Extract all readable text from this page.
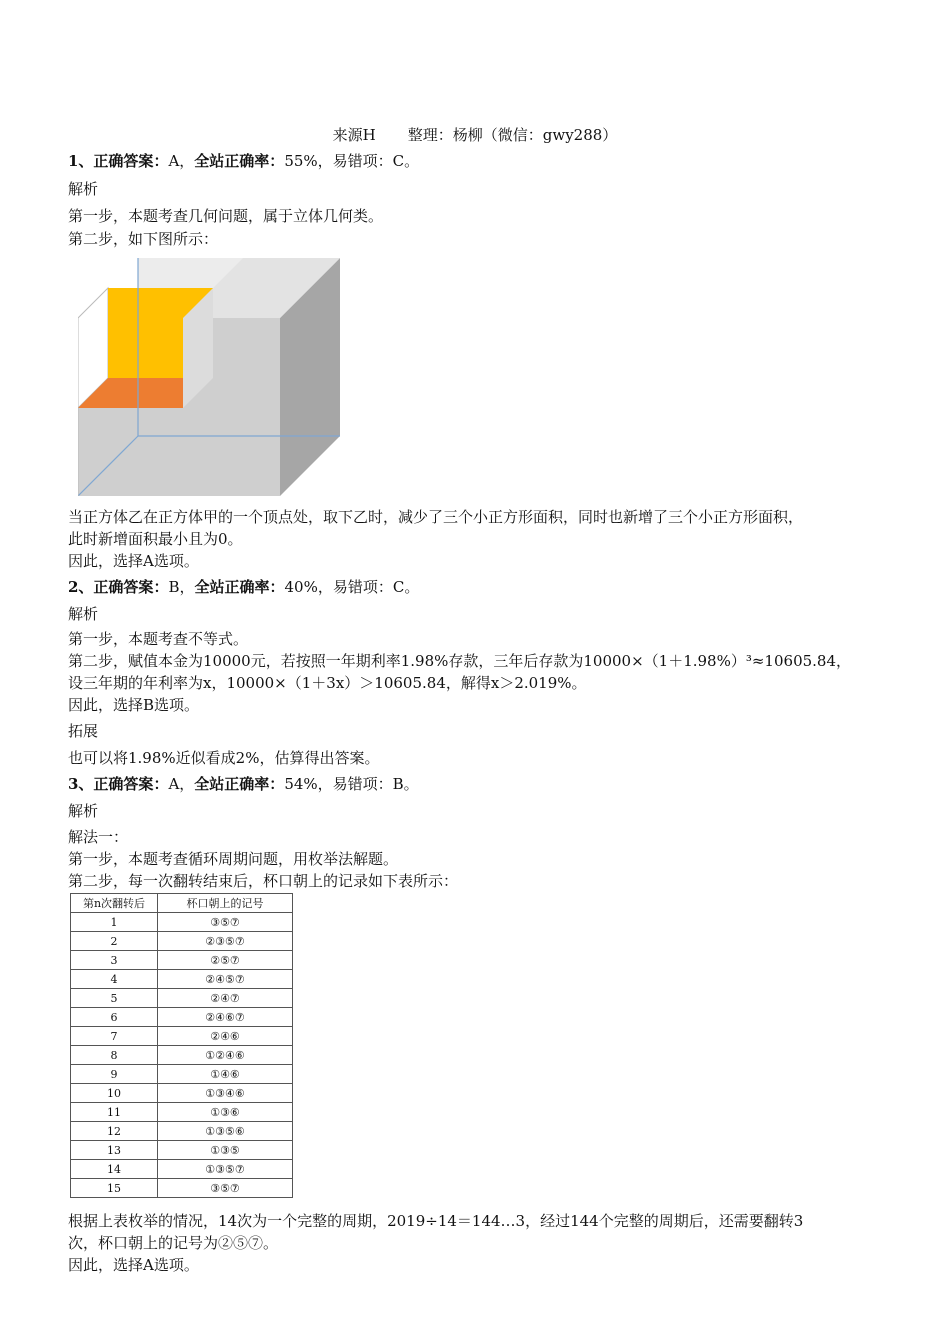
来源H 整理：杨柳（微信：gwy288）
1、正确答案：A，全站正确率：55%，易错项：C。
解析
第一步，本题考查几何问题，属于立体几何类。
第二步，如下图所示：
当正方体乙在正方体甲的一个顶点处，取下乙时，减少了三个小正方形面积，同时也新增了三个小正方形面积，
此时新增面积最小且为0。
因此，选择A选项。
2、正确答案：B，全站正确率：40%，易错项：C。
解析
第一步，本题考查不等式。
第二步，赋值本金为10000元，若按照一年期利率1.98%存款，三年后存款为10000×（1＋1.98%）³≈10605.84，
设三年期的年利率为x，10000×（1＋3x）＞10605.84，解得x＞2.019%。
因此，选择B选项。
拓展
也可以将1.98%近似看成2%，估算得出答案。
3、正确答案：A，全站正确率：54%，易错项：B。
解析
解法一：
第一步，本题考查循环周期问题，用枚举法解题。
第二步，每一次翻转结束后，杯口朝上的记录如下表所示：
第n次翻转后	杯口朝上的记号
1	③⑤⑦
2	②③⑤⑦
3	②⑤⑦
4	②④⑤⑦
5	②④⑦
6	②④⑥⑦
7	②④⑥
8	①②④⑥
9	①④⑥
10	①③④⑥
11	①③⑥
12	①③⑤⑥
13	①③⑤
14	①③⑤⑦
15	③⑤⑦
根据上表枚举的情况，14次为一个完整的周期，2019÷14＝144…3，经过144个完整的周期后，还需要翻转3
次，杯口朝上的记号为②⑤⑦。
因此，选择A选项。
